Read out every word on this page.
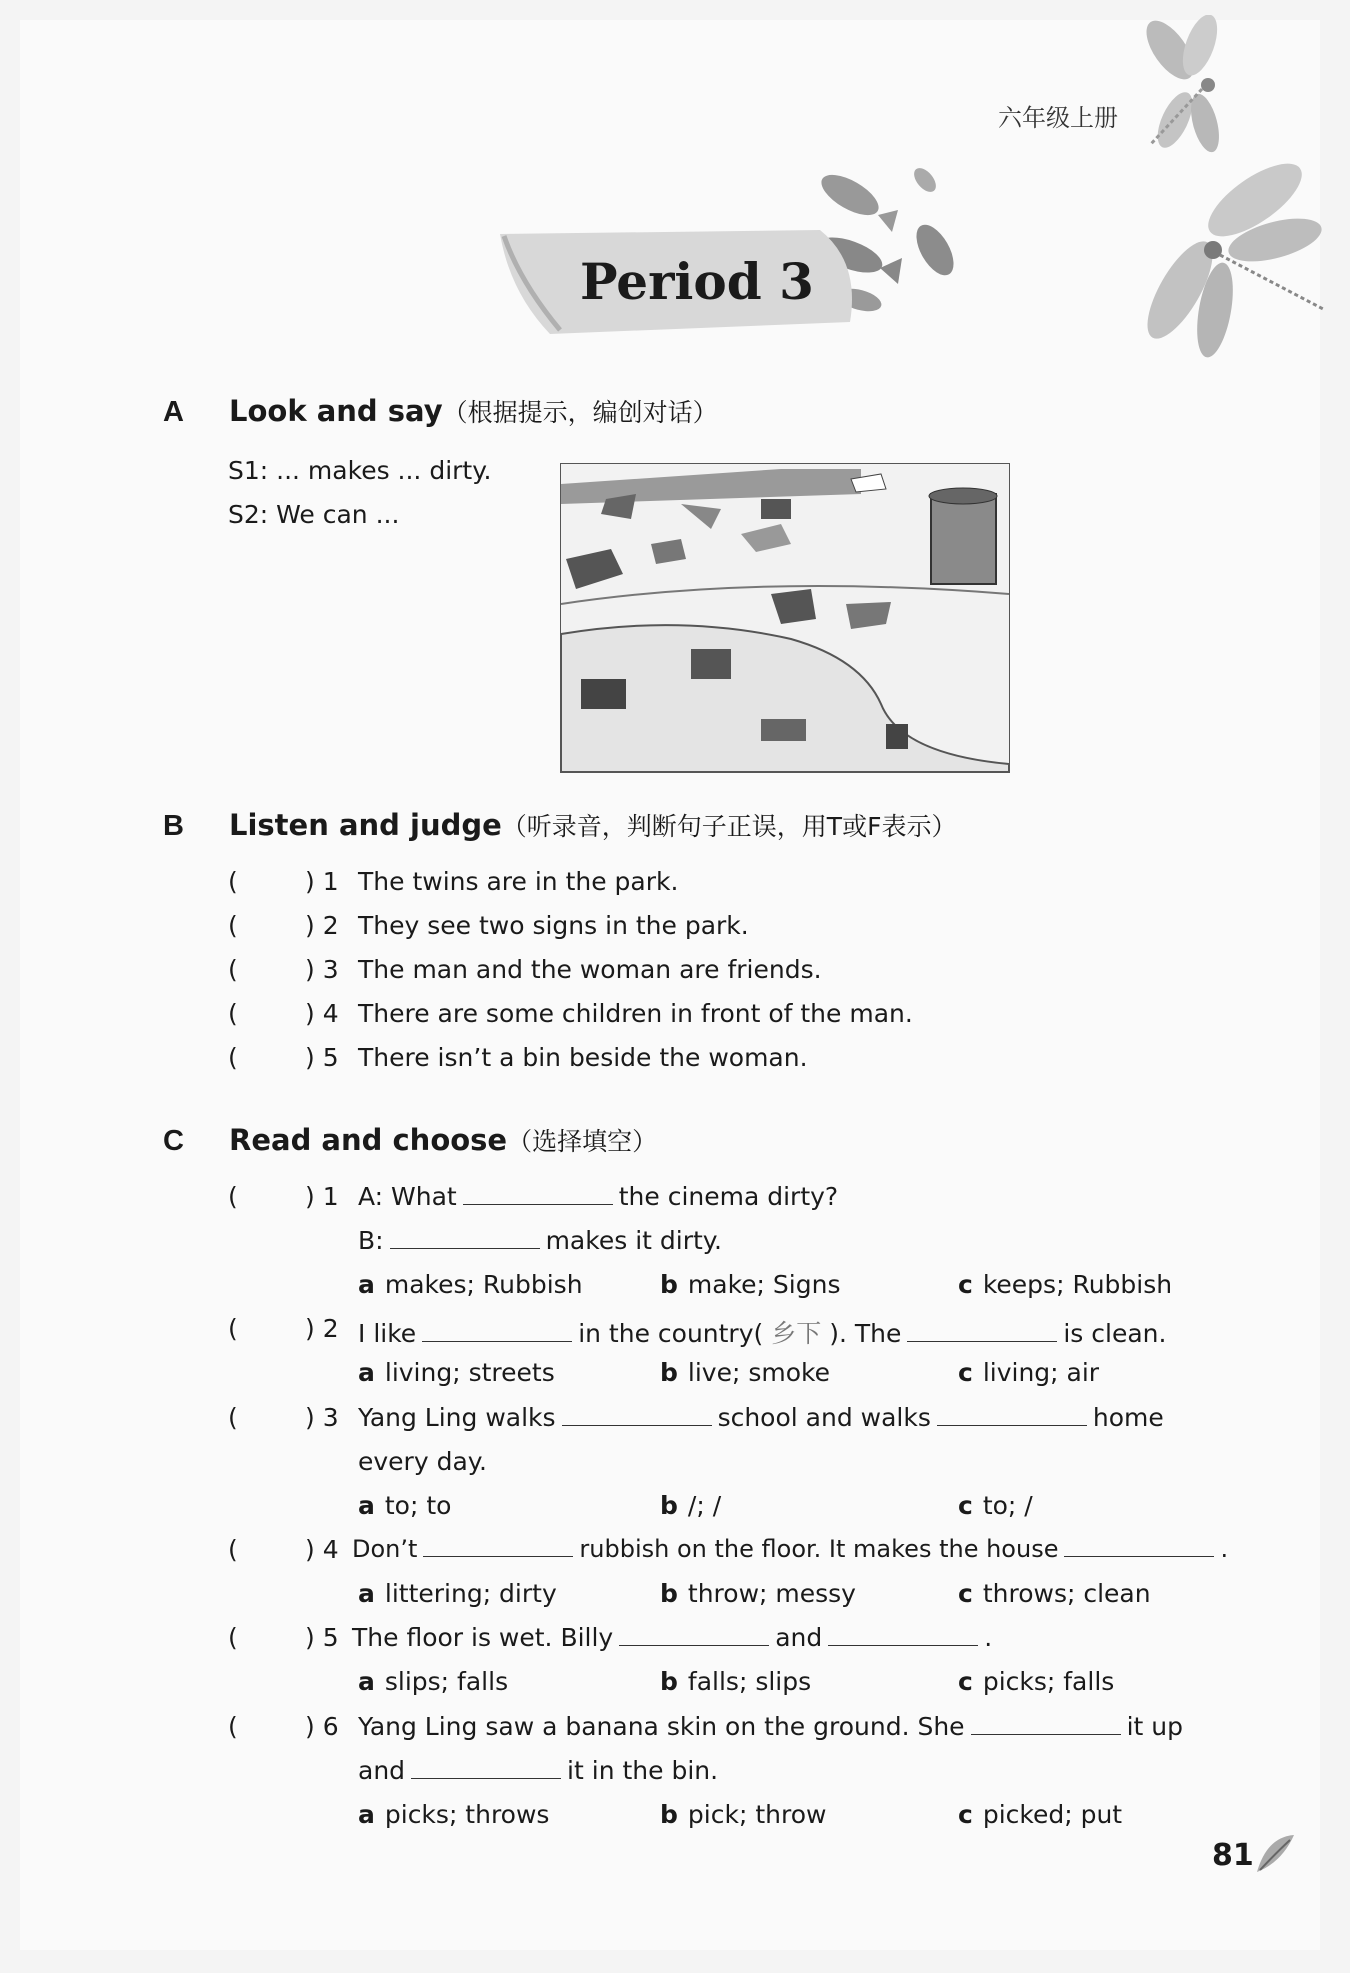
六年级上册
Period 3
A Look and say（根据提示，编创对话）
S1: ... makes ... dirty.
S2: We can ...
B Listen and judge（听录音，判断句子正误，用T或F表示）
(	) 1 The twins are in the park.
(	) 2 They see two signs in the park.
(	) 3 The man and the woman are friends.
(	) 4 There are some children in front of the man.
(	) 5 There isn’t a bin beside the woman.
C Read and choose（选择填空）
(	) 1 A: What	the cinema dirty?
B:	makes it dirty.
a makes; Rubbish	b make; Signs	c keeps; Rubbish
(	) 2 I like	in the country( 乡下 ). The	is clean.
a living; streets	b live; smoke	c living; air
(	) 3 Yang Ling walks	school and walks	home
every day.
a to; to	b /; /	c to; /
(	) 4 Don’t	rubbish on the floor. It makes the house	.
a littering; dirty	b throw; messy	c throws; clean
(	) 5 The floor is wet. Billy	and	.
a slips; falls	b falls; slips	c picks; falls
(	) 6 Yang Ling saw a banana skin on the ground. She	it up
and	it in the bin.
a picks; throws	b pick; throw	c picked; put
81
